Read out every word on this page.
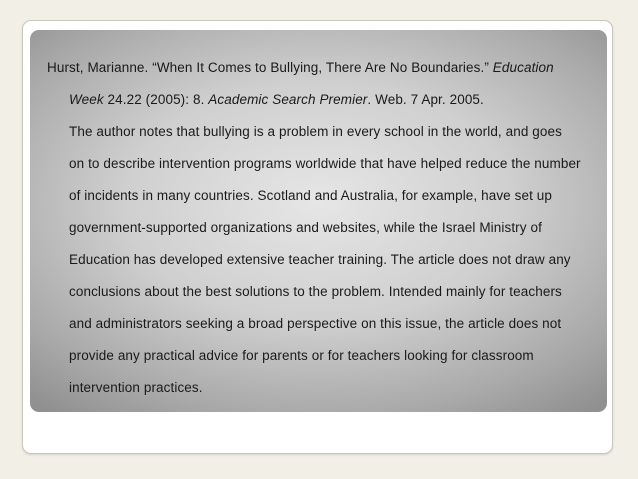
Hurst, Marianne. “When It Comes to Bullying, There Are No Boundaries.” Education
Week 24.22 (2005): 8. Academic Search Premier. Web. 7 Apr. 2005.
The author notes that bullying is a problem in every school in the world, and goes
on to describe intervention programs worldwide that have helped reduce the number
of incidents in many countries. Scotland and Australia, for example, have set up
government-supported organizations and websites, while the Israel Ministry of
Education has developed extensive teacher training. The article does not draw any
conclusions about the best solutions to the problem. Intended mainly for teachers
and administrators seeking a broad perspective on this issue, the article does not
provide any practical advice for parents or for teachers looking for classroom
intervention practices.
